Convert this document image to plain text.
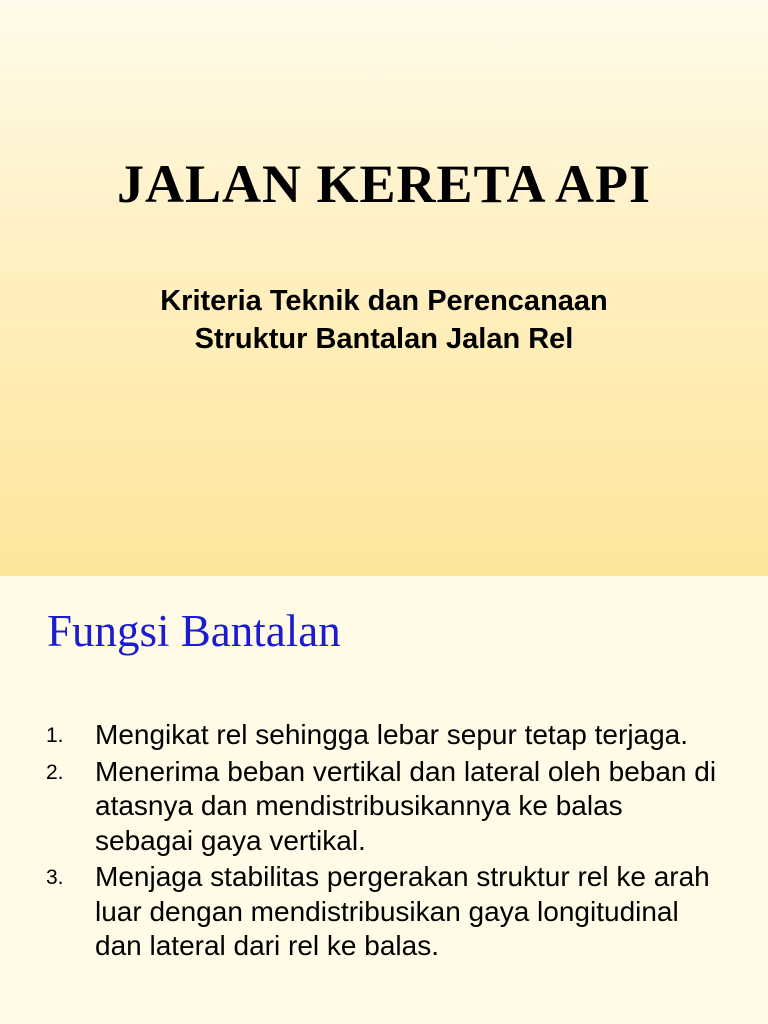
JALAN KERETA API

Kriteria Teknik dan Perencanaan
Struktur Bantalan Jalan Rel

Fungsi Bantalan
1. Mengikat rel sehingga lebar sepur tetap terjaga.
2. Menerima beban vertikal dan lateral oleh beban di atasnya dan mendistribusikannya ke balas sebagai gaya vertikal.
3. Menjaga stabilitas pergerakan struktur rel ke arah luar dengan mendistribusikan gaya longitudinal dan lateral dari rel ke balas.
